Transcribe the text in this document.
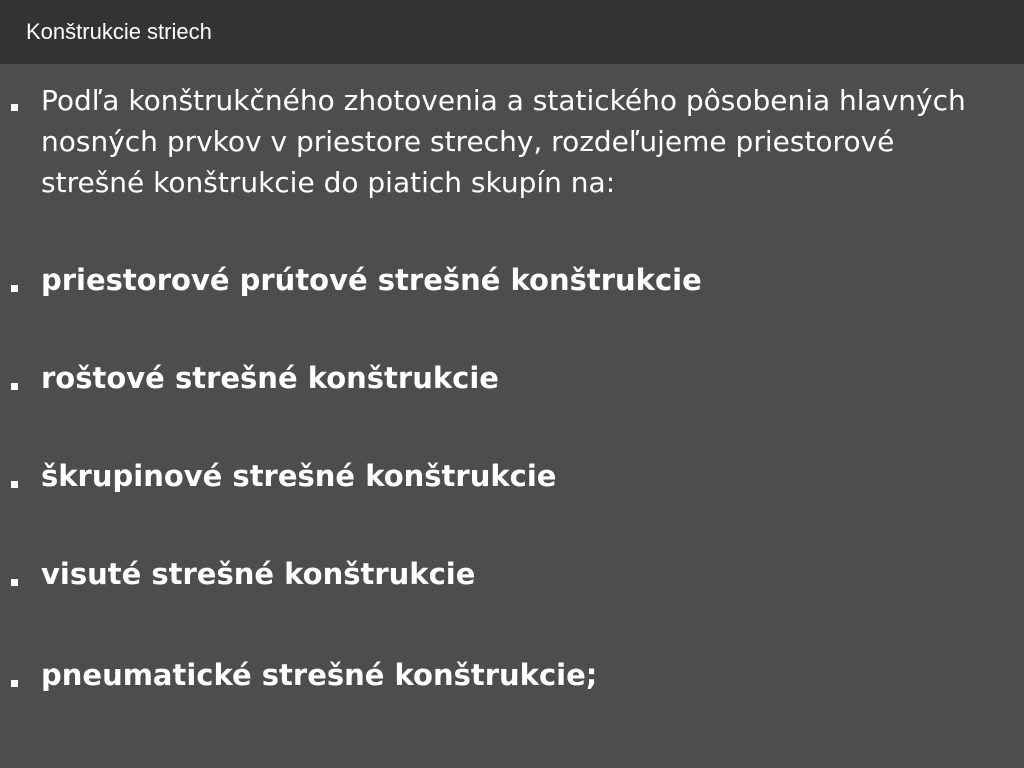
Konštrukcie striech
Podľa konštrukčného zhotovenia a statického pôsobenia hlavných nosných prvkov v priestore strechy, rozdeľujeme priestorové strešné konštrukcie do piatich skupín na:
priestorové prútové strešné konštrukcie
roštové strešné konštrukcie
škrupinové strešné konštrukcie
visuté strešné konštrukcie
pneumatické strešné konštrukcie;
